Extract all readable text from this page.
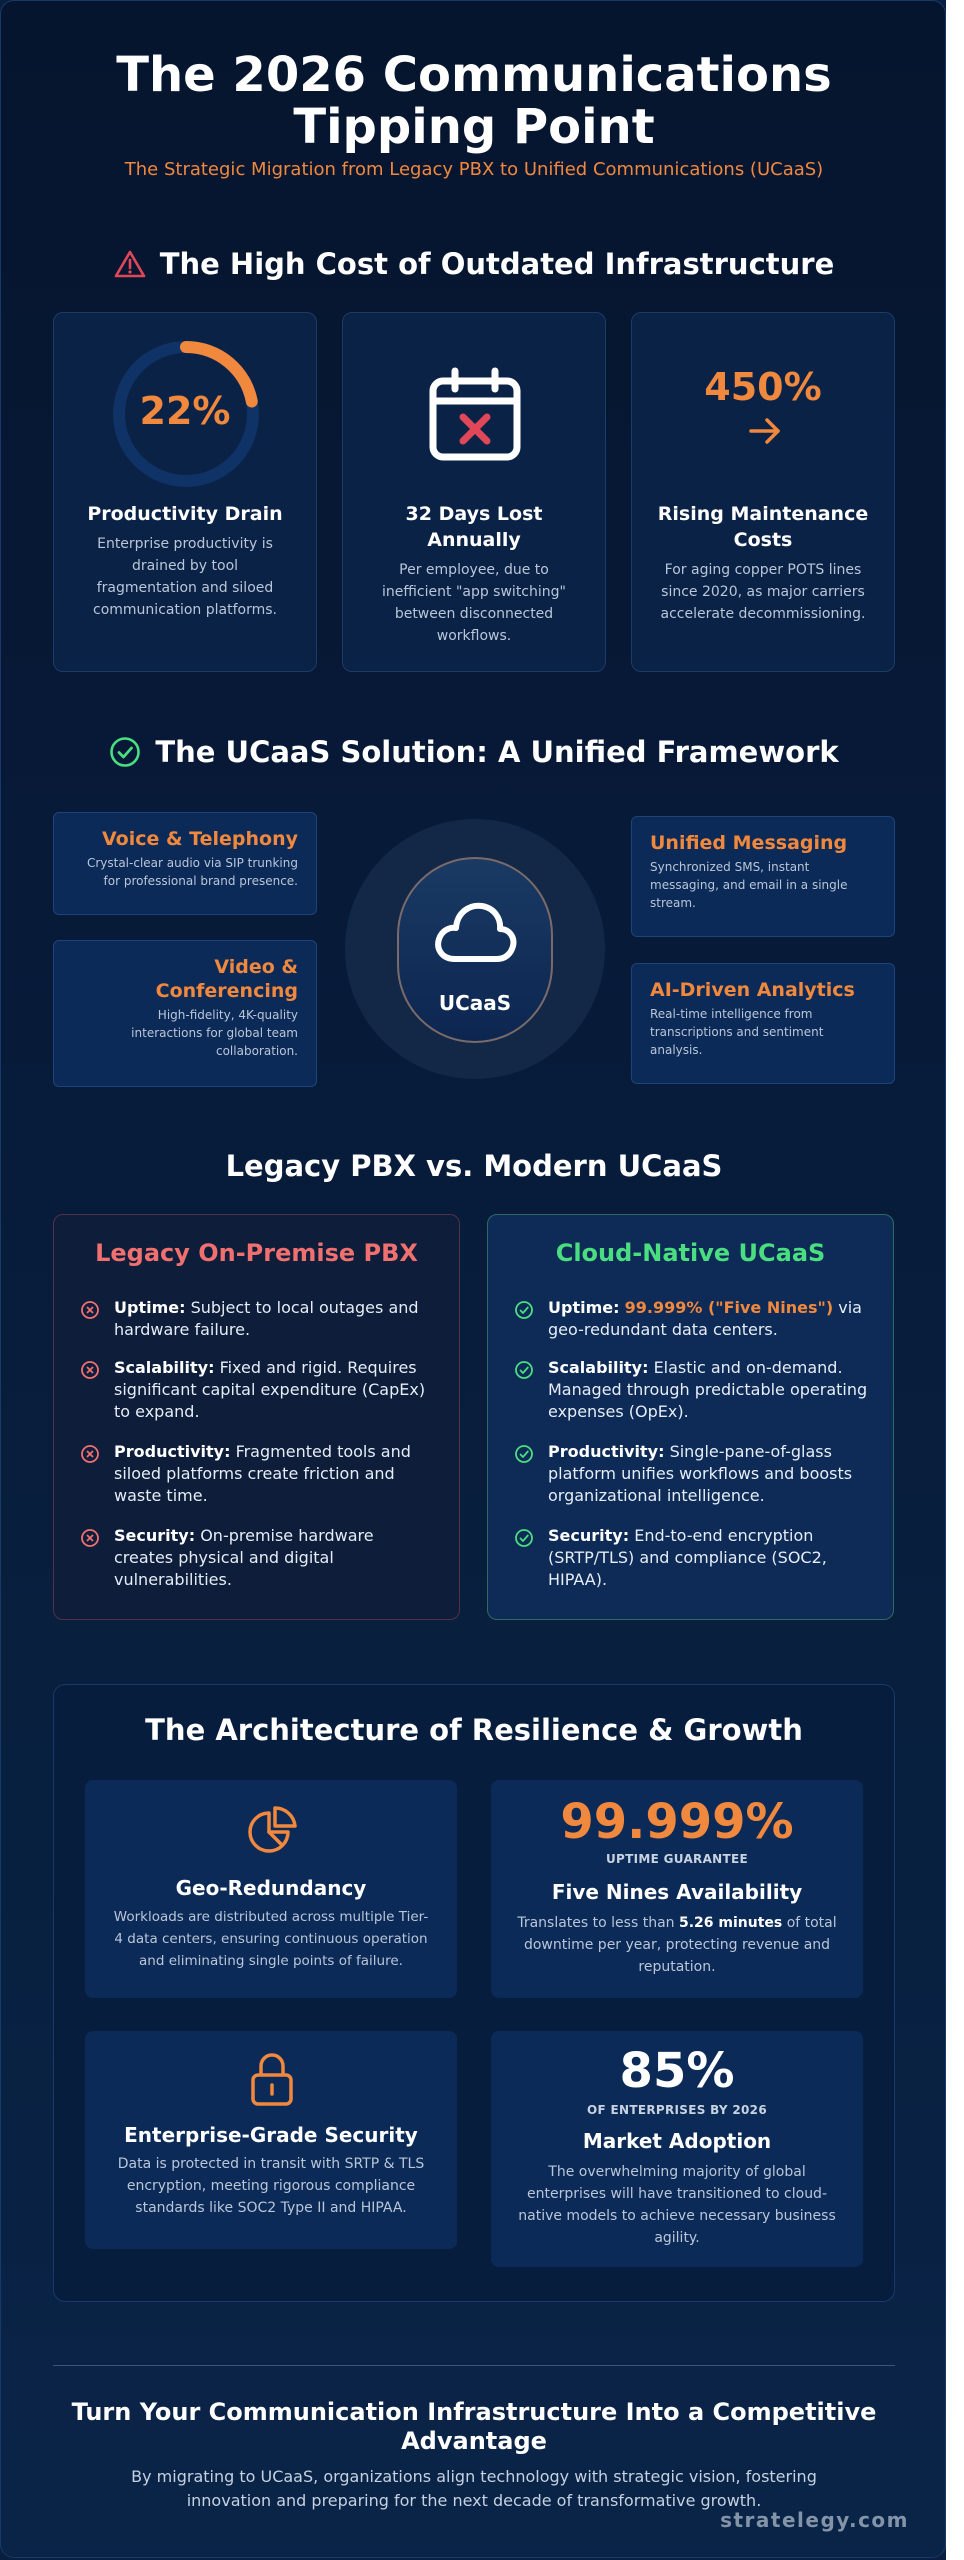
The 2026 Communications
Tipping Point
The Strategic Migration from Legacy PBX to Unified Communications (UCaaS)
The High Cost of Outdated Infrastructure
22%
Productivity Drain
Enterprise productivity is
drained by tool
fragmentation and siloed
communication platforms.
32 Days Lost
Annually
Per employee, due to
inefficient "app switching"
between disconnected
workflows.
450%
Rising Maintenance
Costs
For aging copper POTS lines
since 2020, as major carriers
accelerate decommissioning.
The UCaaS Solution: A Unified Framework
Voice & Telephony
Crystal-clear audio via SIP trunking
for professional brand presence.
Video &
Conferencing
High-fidelity, 4K-quality
interactions for global team
collaboration.
Unified Messaging
Synchronized SMS, instant
messaging, and email in a single
stream.
AI-Driven Analytics
Real-time intelligence from
transcriptions and sentiment
analysis.
UCaaS
Legacy PBX vs. Modern UCaaS
Legacy On-Premise PBX
Uptime: Subject to local outages and
hardware failure.
Scalability: Fixed and rigid. Requires
significant capital expenditure (CapEx)
to expand.
Productivity: Fragmented tools and
siloed platforms create friction and
waste time.
Security: On-premise hardware
creates physical and digital
vulnerabilities.
Cloud-Native UCaaS
Uptime: 99.999% ("Five Nines") via
geo-redundant data centers.
Scalability: Elastic and on-demand.
Managed through predictable operating
expenses (OpEx).
Productivity: Single-pane-of-glass
platform unifies workflows and boosts
organizational intelligence.
Security: End-to-end encryption
(SRTP/TLS) and compliance (SOC2,
HIPAA).
The Architecture of Resilience & Growth
Geo-Redundancy
Workloads are distributed across multiple Tier-
4 data centers, ensuring continuous operation
and eliminating single points of failure.
99.999%
UPTIME GUARANTEE
Five Nines Availability
Translates to less than 5.26 minutes of total
downtime per year, protecting revenue and
reputation.
Enterprise-Grade Security
Data is protected in transit with SRTP & TLS
encryption, meeting rigorous compliance
standards like SOC2 Type II and HIPAA.
85%
OF ENTERPRISES BY 2026
Market Adoption
The overwhelming majority of global
enterprises will have transitioned to cloud-
native models to achieve necessary business
agility.
Turn Your Communication Infrastructure Into a Competitive
Advantage
By migrating to UCaaS, organizations align technology with strategic vision, fostering
innovation and preparing for the next decade of transformative growth.
stratelegy.com
